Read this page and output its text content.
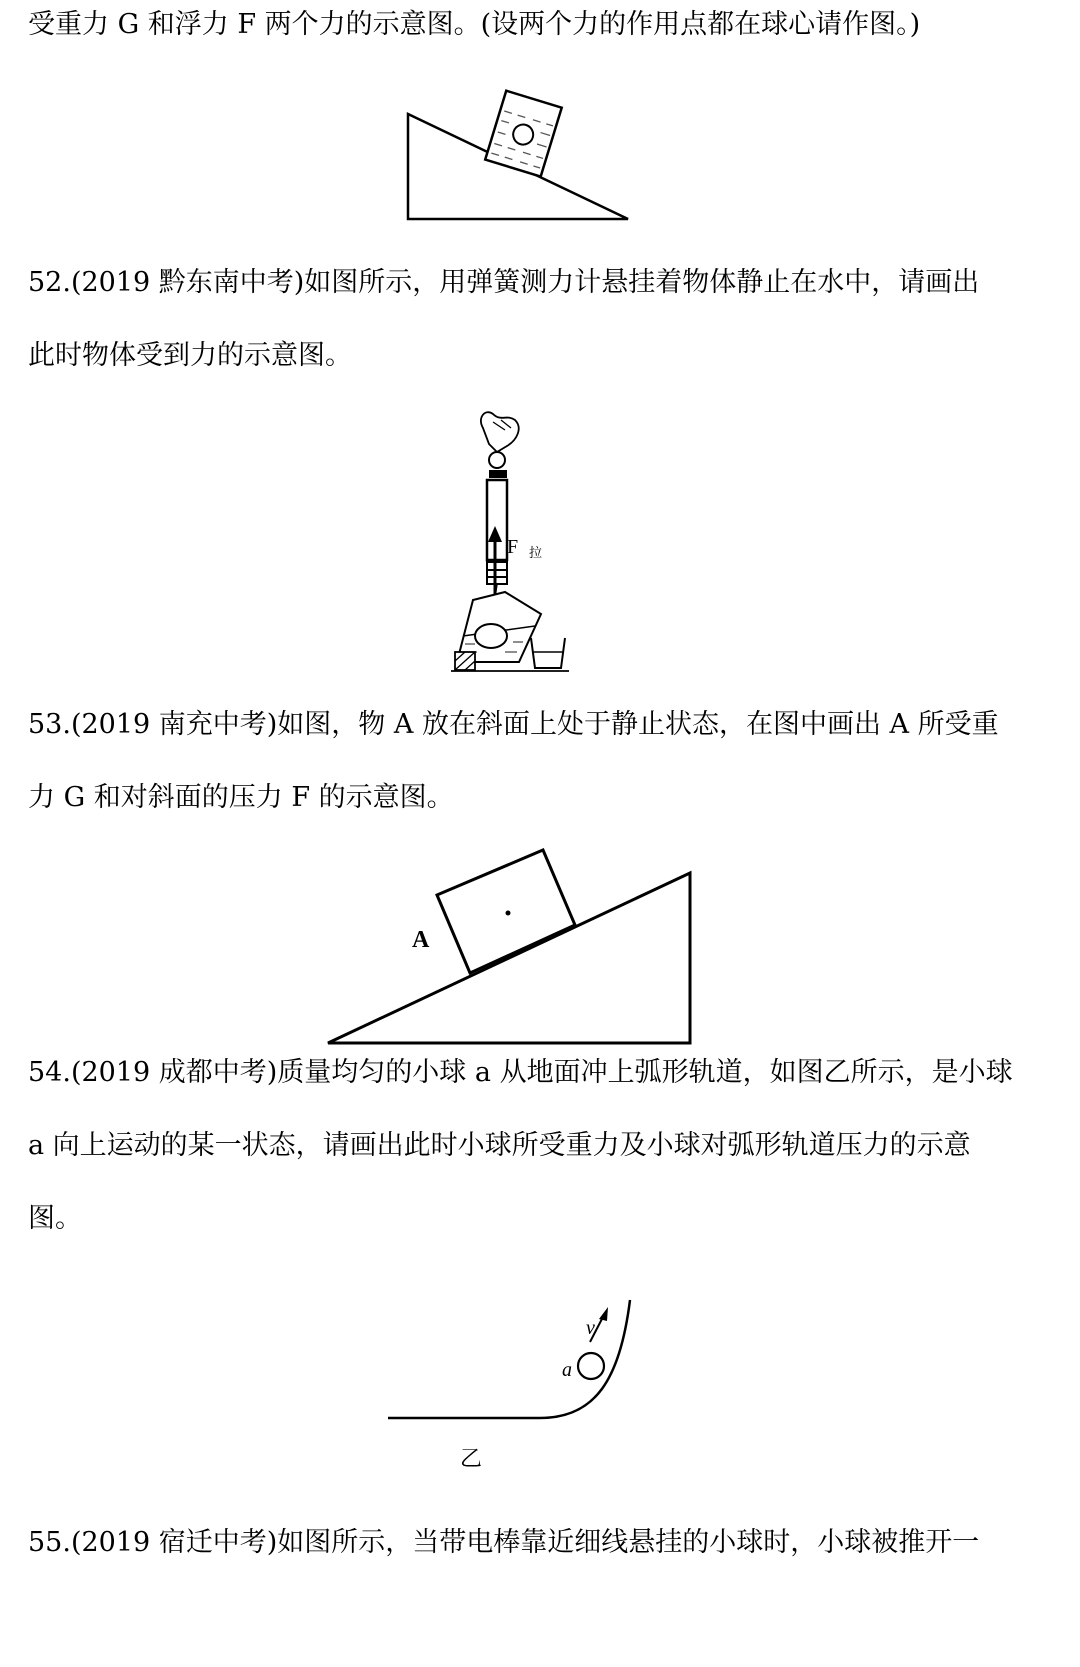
受重力 G 和浮力 F 两个力的示意图。(设两个力的作用点都在球心请作图。)

52.(2019 黔东南中考)如图所示，用弹簧测力计悬挂着物体静止在水中，请画出

此时物体受到力的示意图。

F 拉

53.(2019 南充中考)如图，物 A 放在斜面上处于静止状态，在图中画出 A 所受重

力 G 和对斜面的压力 F 的示意图。

A

54.(2019 成都中考)质量均匀的小球 a 从地面冲上弧形轨道，如图乙所示，是小球

a 向上运动的某一状态，请画出此时小球所受重力及小球对弧形轨道压力的示意

图。

v
a
乙

55.(2019 宿迁中考)如图所示，当带电棒靠近细线悬挂的小球时，小球被推开一
